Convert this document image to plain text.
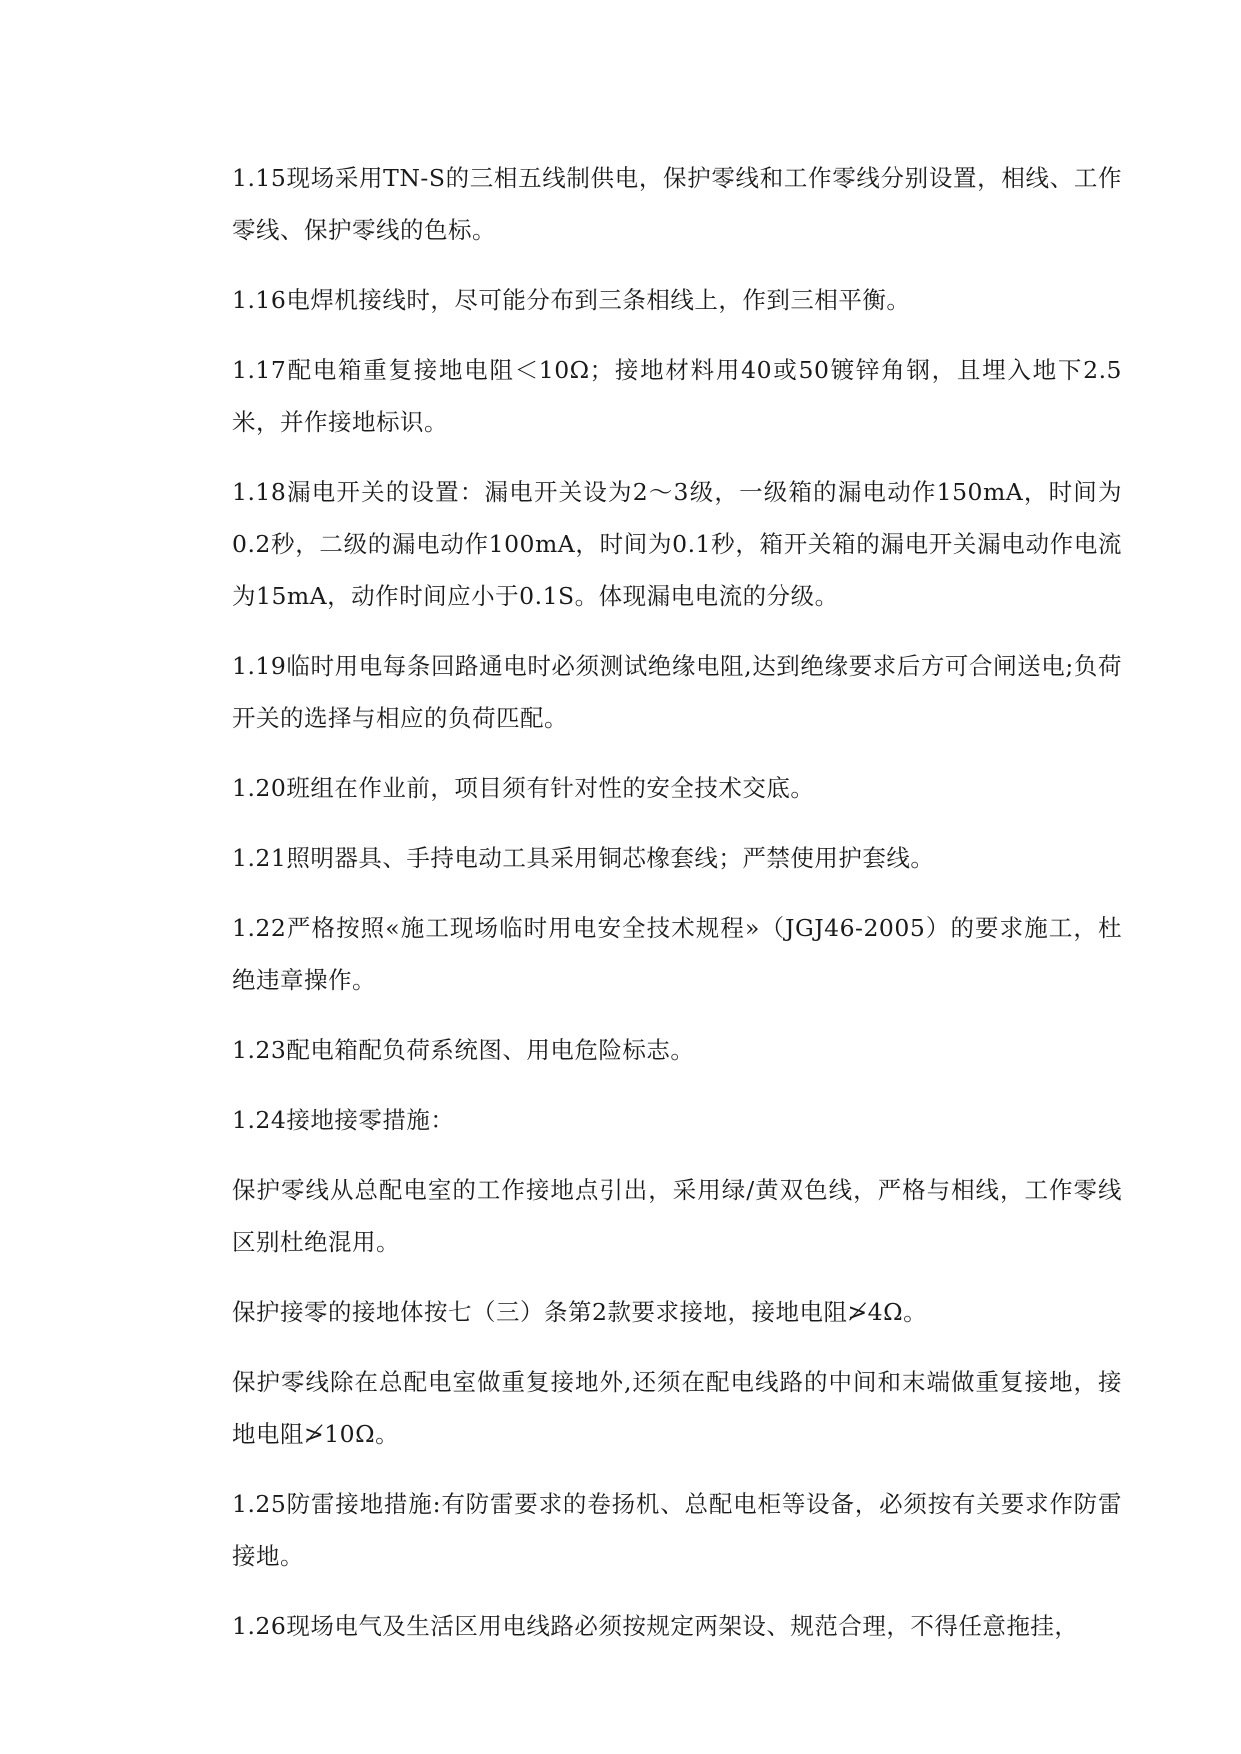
1.15现场采用TN-S的三相五线制供电，保护零线和工作零线分别设置，相线、工作零线、保护零线的色标。

1.16电焊机接线时，尽可能分布到三条相线上，作到三相平衡。

1.17配电箱重复接地电阻＜10Ω；接地材料用40或50镀锌角钢，且埋入地下2.5米，并作接地标识。

1.18漏电开关的设置：漏电开关设为2～3级，一级箱的漏电动作150mA，时间为0.2秒，二级的漏电动作100mA，时间为0.1秒，箱开关箱的漏电开关漏电动作电流为15mA，动作时间应小于0.1S。体现漏电电流的分级。

1.19临时用电每条回路通电时必须测试绝缘电阻,达到绝缘要求后方可合闸送电;负荷开关的选择与相应的负荷匹配。

1.20班组在作业前，项目须有针对性的安全技术交底。

1.21照明器具、手持电动工具采用铜芯橡套线；严禁使用护套线。

1.22严格按照«施工现场临时用电安全技术规程»（JGJ46-2005）的要求施工，杜绝违章操作。

1.23配电箱配负荷系统图、用电危险标志。

1.24接地接零措施：

保护零线从总配电室的工作接地点引出，采用绿/黄双色线，严格与相线，工作零线区别杜绝混用。

保护接零的接地体按七（三）条第2款要求接地，接地电阻≯4Ω。

保护零线除在总配电室做重复接地外,还须在配电线路的中间和末端做重复接地，接地电阻≯10Ω。

1.25防雷接地措施:有防雷要求的卷扬机、总配电柜等设备，必须按有关要求作防雷接地。

1.26现场电气及生活区用电线路必须按规定两架设、规范合理，不得任意拖挂，
